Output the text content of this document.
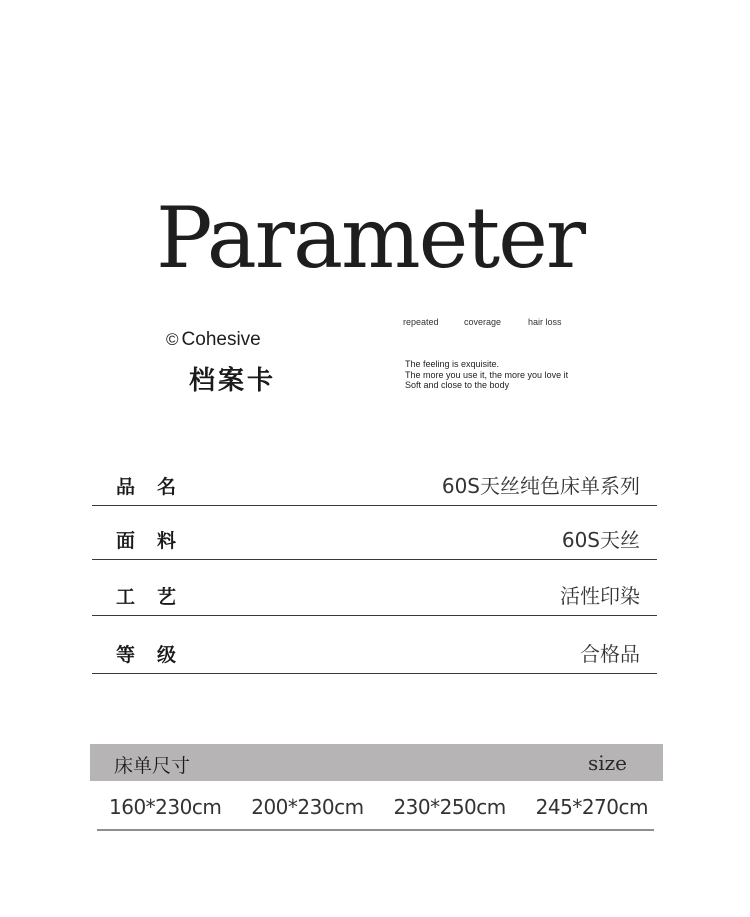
Parameter
© Cohesive
档案卡
repeated	coverage	hair loss
The feeling is exquisite.
The more you use it, the more you love it
Soft and close to the body
品名	60S天丝纯色床单系列
面料	60S天丝
工艺	活性印染
等级	合格品
床单尺寸	size
160*230cm 200*230cm 230*250cm 245*270cm
